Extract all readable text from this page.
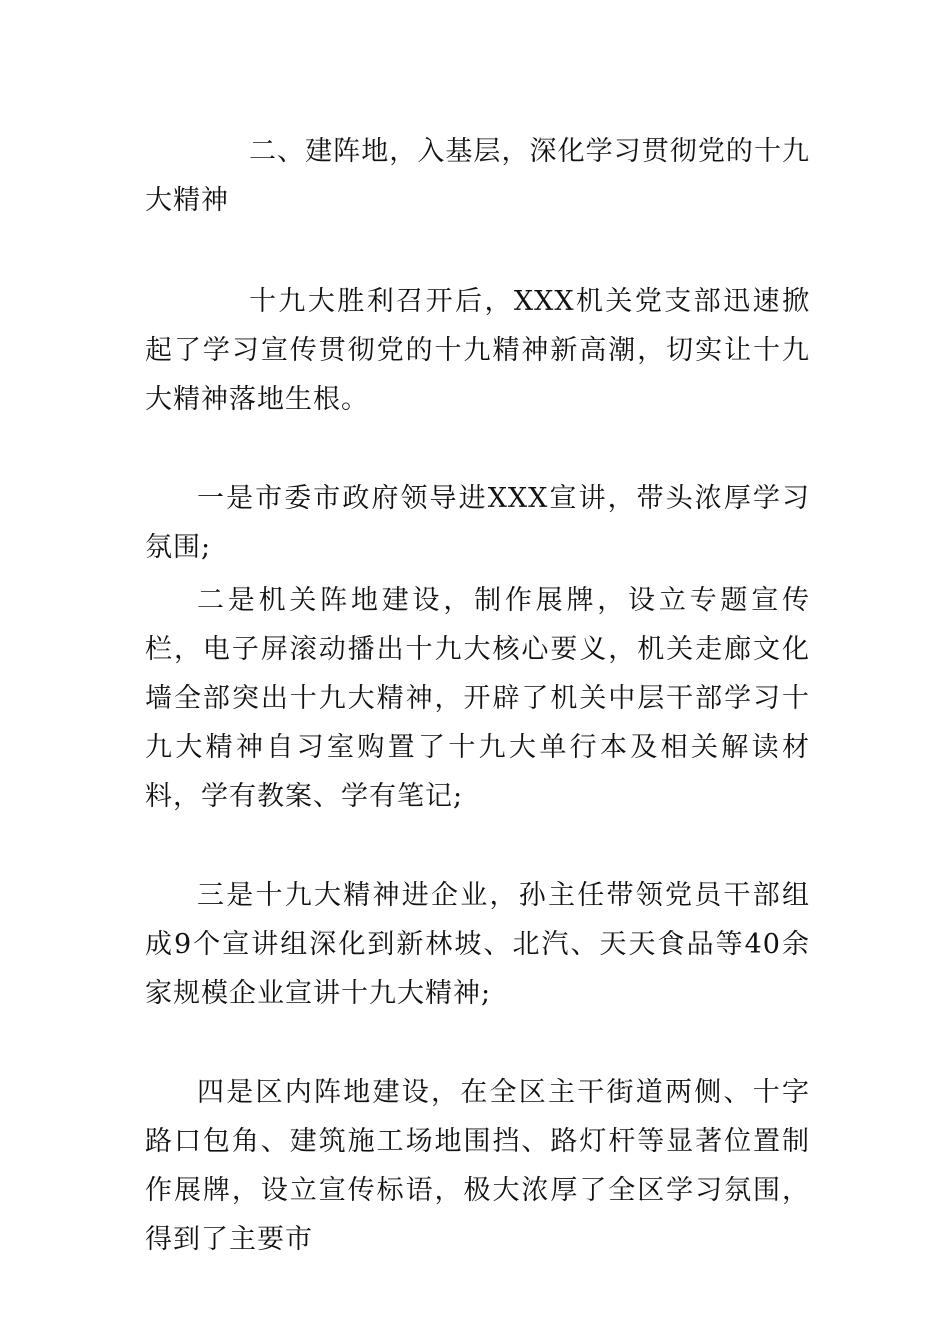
二、建阵地，入基层，深化学习贯彻党的十九大精神

十九大胜利召开后，XXX机关党支部迅速掀起了学习宣传贯彻党的十九精神新高潮，切实让十九大精神落地生根。

一是市委市政府领导进XXX宣讲，带头浓厚学习氛围;

二是机关阵地建设，制作展牌，设立专题宣传栏，电子屏滚动播出十九大核心要义，机关走廊文化墙全部突出十九大精神，开辟了机关中层干部学习十九大精神自习室购置了十九大单行本及相关解读材料，学有教案、学有笔记;

三是十九大精神进企业，孙主任带领党员干部组成9个宣讲组深化到新林坡、北汽、天天食品等40余家规模企业宣讲十九大精神;

四是区内阵地建设，在全区主干街道两侧、十字路口包角、建筑施工场地围挡、路灯杆等显著位置制作展牌，设立宣传标语，极大浓厚了全区学习氛围，得到了主要市
